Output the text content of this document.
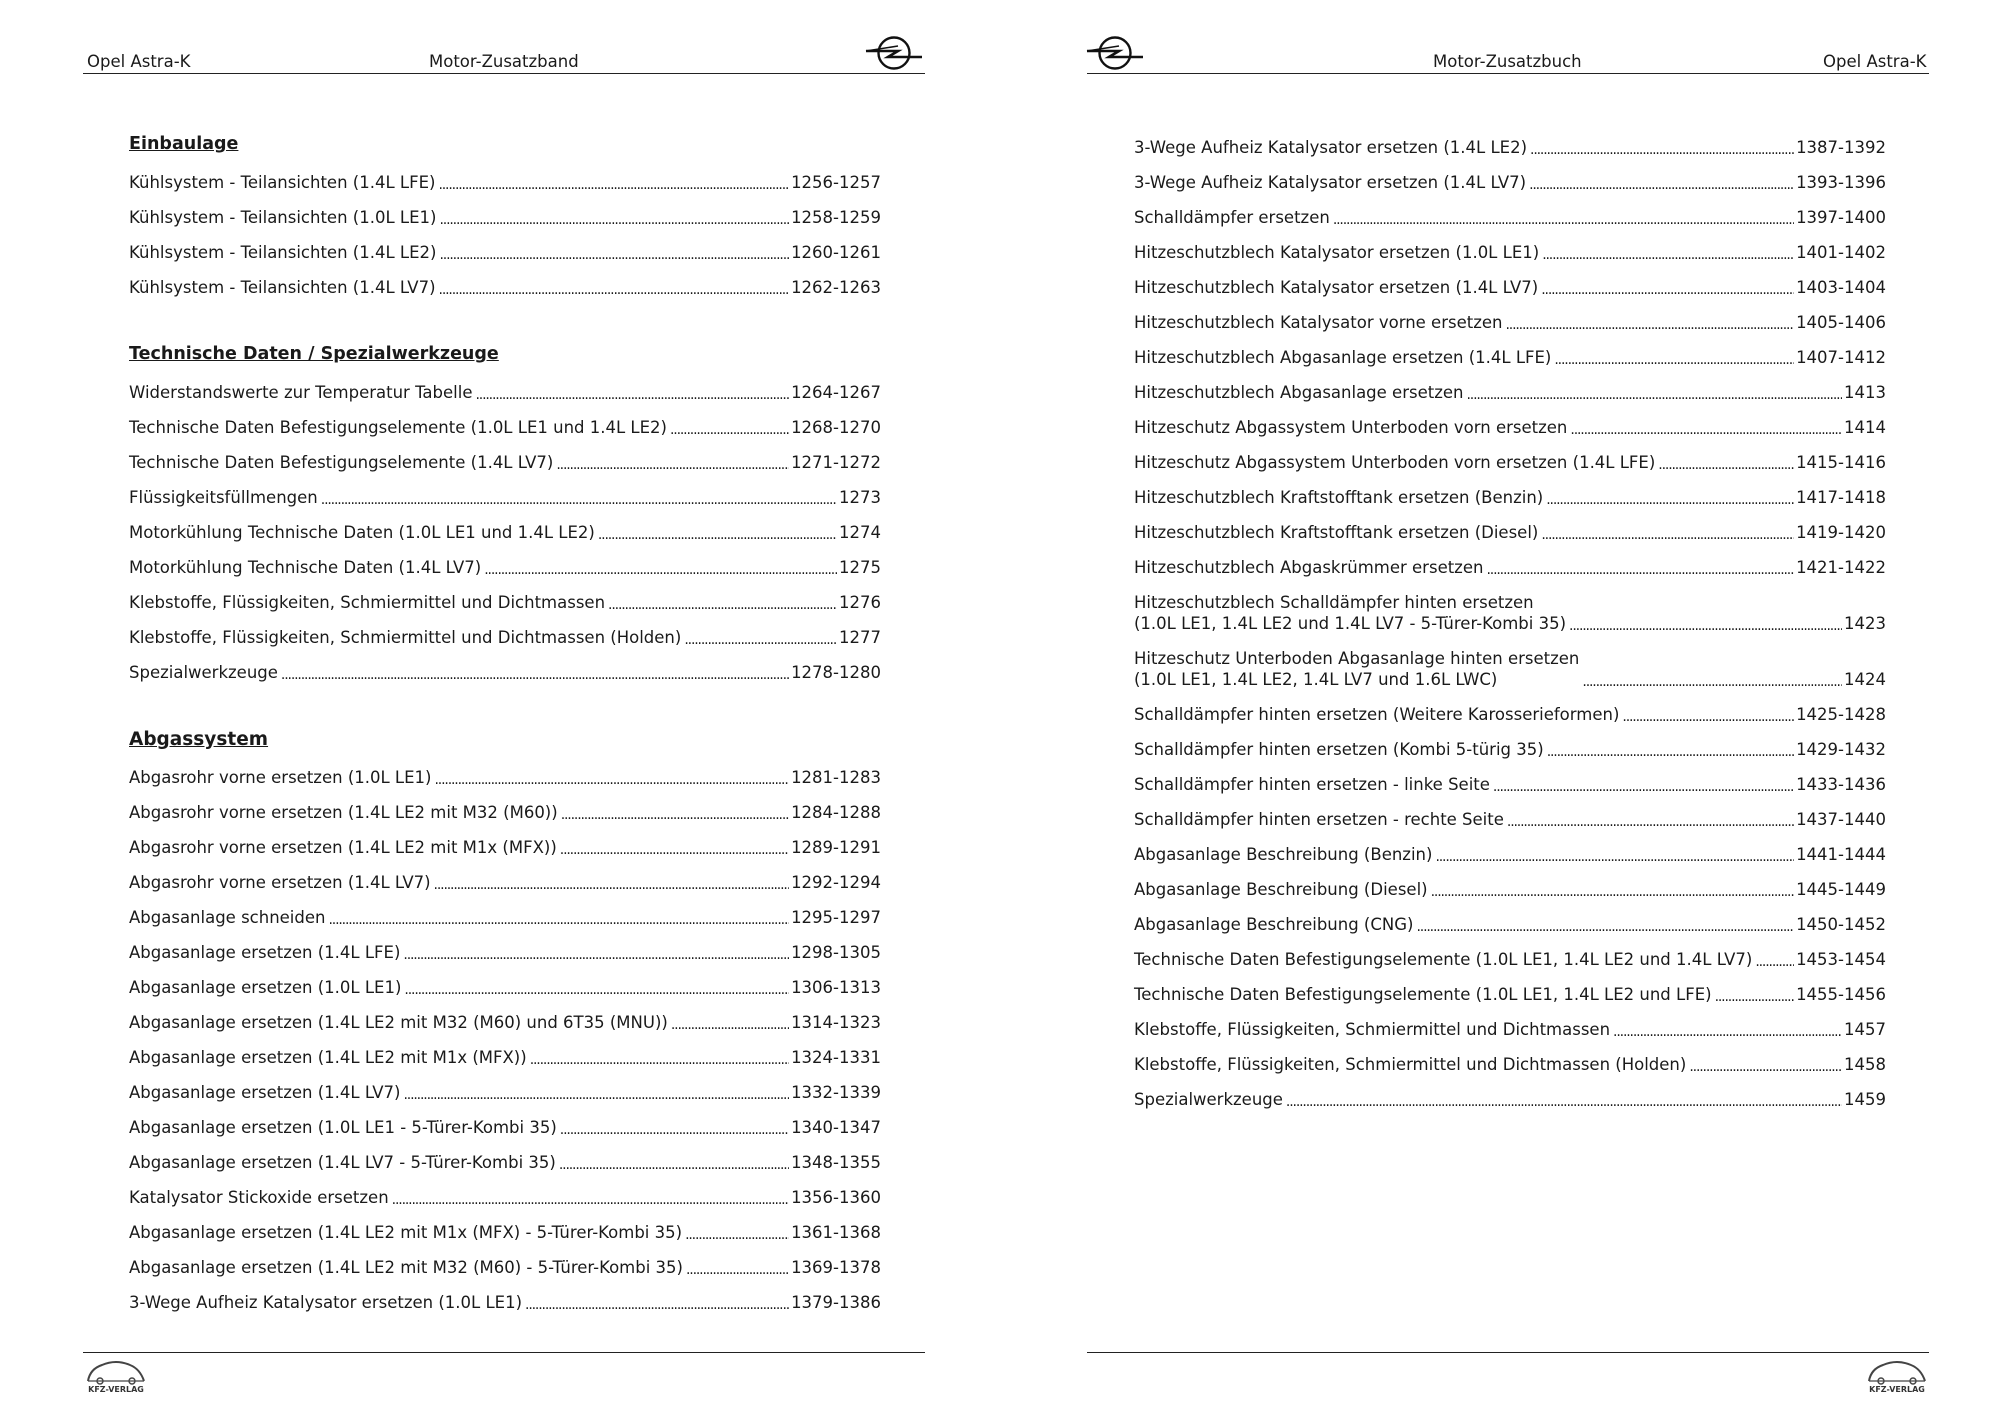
Opel Astra-K	Motor-Zusatzband
Einbaulage
Kühlsystem - Teilansichten (1.4L LFE) . . .	1256-1257
Kühlsystem - Teilansichten (1.0L LE1) . . .	1258-1259
Kühlsystem - Teilansichten (1.4L LE2) . . .	1260-1261
Kühlsystem - Teilansichten (1.4L LV7) . . .	1262-1263
Technische Daten / Spezialwerkzeuge
Widerstandswerte zur Temperatur Tabelle . . .	1264-1267
Technische Daten Befestigungselemente (1.0L LE1 und 1.4L LE2) . . .	1268-1270
Technische Daten Befestigungselemente (1.4L LV7) . . .	1271-1272
Flüssigkeitsfüllmengen . . .	1273
Motorkühlung Technische Daten (1.0L LE1 und 1.4L LE2) . . .	1274
Motorkühlung Technische Daten (1.4L LV7) . . .	1275
Klebstoffe, Flüssigkeiten, Schmiermittel und Dichtmassen . . .	1276
Klebstoffe, Flüssigkeiten, Schmiermittel und Dichtmassen (Holden) . . .	1277
Spezialwerkzeuge . . .	1278-1280
Abgassystem
Abgasrohr vorne ersetzen (1.0L LE1) . . .	1281-1283
Abgasrohr vorne ersetzen (1.4L LE2 mit M32 (M60)) . . .	1284-1288
Abgasrohr vorne ersetzen (1.4L LE2 mit M1x (MFX)) . . .	1289-1291
Abgasrohr vorne ersetzen (1.4L LV7) . . .	1292-1294
Abgasanlage schneiden . . .	1295-1297
Abgasanlage ersetzen (1.4L LFE) . . .	1298-1305
Abgasanlage ersetzen (1.0L LE1) . . .	1306-1313
Abgasanlage ersetzen (1.4L LE2 mit M32 (M60) und 6T35 (MNU)) . . .	1314-1323
Abgasanlage ersetzen (1.4L LE2 mit M1x (MFX)) . . .	1324-1331
Abgasanlage ersetzen (1.4L LV7) . . .	1332-1339
Abgasanlage ersetzen (1.0L LE1 - 5-Türer-Kombi 35) . . .	1340-1347
Abgasanlage ersetzen (1.4L LV7 - 5-Türer-Kombi 35) . . .	1348-1355
Katalysator Stickoxide ersetzen . . .	1356-1360
Abgasanlage ersetzen (1.4L LE2 mit M1x (MFX) - 5-Türer-Kombi 35) . . .	1361-1368
Abgasanlage ersetzen (1.4L LE2 mit M32 (M60) - 5-Türer-Kombi 35) . . .	1369-1378
3-Wege Aufheiz Katalysator ersetzen (1.0L LE1) . . .	1379-1386
KFZ-VERLAG
Motor-Zusatzbuch	Opel Astra-K
3-Wege Aufheiz Katalysator ersetzen (1.4L LE2) . . .	1387-1392
3-Wege Aufheiz Katalysator ersetzen (1.4L LV7) . . .	1393-1396
Schalldämpfer ersetzen . . .	1397-1400
Hitzeschutzblech Katalysator ersetzen (1.0L LE1) . . .	1401-1402
Hitzeschutzblech Katalysator ersetzen (1.4L LV7) . . .	1403-1404
Hitzeschutzblech Katalysator vorne ersetzen . . .	1405-1406
Hitzeschutzblech Abgasanlage ersetzen (1.4L LFE) . . .	1407-1412
Hitzeschutzblech Abgasanlage ersetzen . . .	1413
Hitzeschutz Abgassystem Unterboden vorn ersetzen . . .	1414
Hitzeschutz Abgassystem Unterboden vorn ersetzen (1.4L LFE) . . .	1415-1416
Hitzeschutzblech Kraftstofftank ersetzen (Benzin) . . .	1417-1418
Hitzeschutzblech Kraftstofftank ersetzen (Diesel) . . .	1419-1420
Hitzeschutzblech Abgaskrümmer ersetzen . . .	1421-1422
Hitzeschutzblech Schalldämpfer hinten ersetzen
(1.0L LE1, 1.4L LE2 und 1.4L LV7 - 5-Türer-Kombi 35) . . .	1423
Hitzeschutz Unterboden Abgasanlage hinten ersetzen
(1.0L LE1, 1.4L LE2, 1.4L LV7 und 1.6L LWC) . . .	1424
Schalldämpfer hinten ersetzen (Weitere Karosserieformen) . . .	1425-1428
Schalldämpfer hinten ersetzen (Kombi 5-türig 35) . . .	1429-1432
Schalldämpfer hinten ersetzen - linke Seite . . .	1433-1436
Schalldämpfer hinten ersetzen - rechte Seite . . .	1437-1440
Abgasanlage Beschreibung (Benzin) . . .	1441-1444
Abgasanlage Beschreibung (Diesel) . . .	1445-1449
Abgasanlage Beschreibung (CNG) . . .	1450-1452
Technische Daten Befestigungselemente (1.0L LE1, 1.4L LE2 und 1.4L LV7) . . .	1453-1454
Technische Daten Befestigungselemente (1.0L LE1, 1.4L LE2 und LFE) . . .	1455-1456
Klebstoffe, Flüssigkeiten, Schmiermittel und Dichtmassen . . .	1457
Klebstoffe, Flüssigkeiten, Schmiermittel und Dichtmassen (Holden) . . .	1458
Spezialwerkzeuge . . .	1459
KFZ-VERLAG
